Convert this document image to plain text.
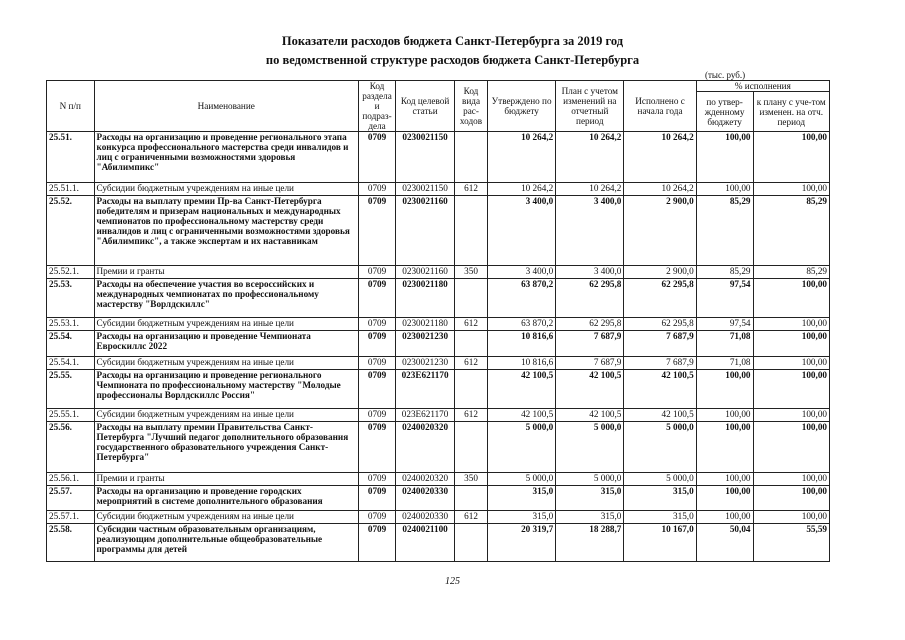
Показатели расходов бюджета Санкт-Петербурга за 2019 год
по ведомственной структуре расходов бюджета Санкт-Петербурга
(тыс. руб.)
N п/п	Наименование	Код раздела и подраз-дела	Код целевой статьи	Код вида рас-ходов	Утверждено по бюджету	План с учетом изменений на отчетный период	Исполнено с начала года	% исполнения	
								по утвер-жденному бюджету	к плану с уче-том изменен. на отч. период
25.51.	Расходы на организацию и проведение регионального этапа конкурса профессионального мастерства среди инвалидов и лиц с ограниченными возможностями здоровья "Абилимпикс"	0709	0230021150		10 264,2	10 264,2	10 264,2	100,00	100,00
25.51.1.	Субсидии бюджетным учреждениям на иные цели	0709	0230021150	612	10 264,2	10 264,2	10 264,2	100,00	100,00
25.52.	Расходы на выплату премии Пр-ва Санкт-Петербурга победителям и призерам национальных и международных чемпионатов по профессиональному мастерству среди инвалидов и лиц с ограниченными возможностями здоровья "Абилимпикс", а также экспертам и их наставникам	0709	0230021160		3 400,0	3 400,0	2 900,0	85,29	85,29
25.52.1.	Премии и гранты	0709	0230021160	350	3 400,0	3 400,0	2 900,0	85,29	85,29
25.53.	Расходы на обеспечение участия во всероссийских и международных чемпионатах по профессиональному мастерству "Ворлдскиллс"	0709	0230021180		63 870,2	62 295,8	62 295,8	97,54	100,00
25.53.1.	Субсидии бюджетным учреждениям на иные цели	0709	0230021180	612	63 870,2	62 295,8	62 295,8	97,54	100,00
25.54.	Расходы на организацию и проведение Чемпионата Евроскиллс 2022	0709	0230021230		10 816,6	7 687,9	7 687,9	71,08	100,00
25.54.1.	Субсидии бюджетным учреждениям на иные цели	0709	0230021230	612	10 816,6	7 687,9	7 687,9	71,08	100,00
25.55.	Расходы на организацию и проведение регионального Чемпионата по профессиональному мастерству "Молодые профессионалы Ворлдскиллс Россия"	0709	023E621170		42 100,5	42 100,5	42 100,5	100,00	100,00
25.55.1.	Субсидии бюджетным учреждениям на иные цели	0709	023E621170	612	42 100,5	42 100,5	42 100,5	100,00	100,00
25.56.	Расходы на выплату премии Правительства Санкт-Петербурга "Лучший педагог дополнительного образования государственного образовательного учреждения Санкт-Петербурга"	0709	0240020320		5 000,0	5 000,0	5 000,0	100,00	100,00
25.56.1.	Премии и гранты	0709	0240020320	350	5 000,0	5 000,0	5 000,0	100,00	100,00
25.57.	Расходы на организацию и проведение городских мероприятий в системе дополнительного образования	0709	0240020330		315,0	315,0	315,0	100,00	100,00
25.57.1.	Субсидии бюджетным учреждениям на иные цели	0709	0240020330	612	315,0	315,0	315,0	100,00	100,00
25.58.	Субсидии частным образовательным организациям, реализующим дополнительные общеобразовательные программы для детей	0709	0240021100		20 319,7	18 288,7	10 167,0	50,04	55,59
125
